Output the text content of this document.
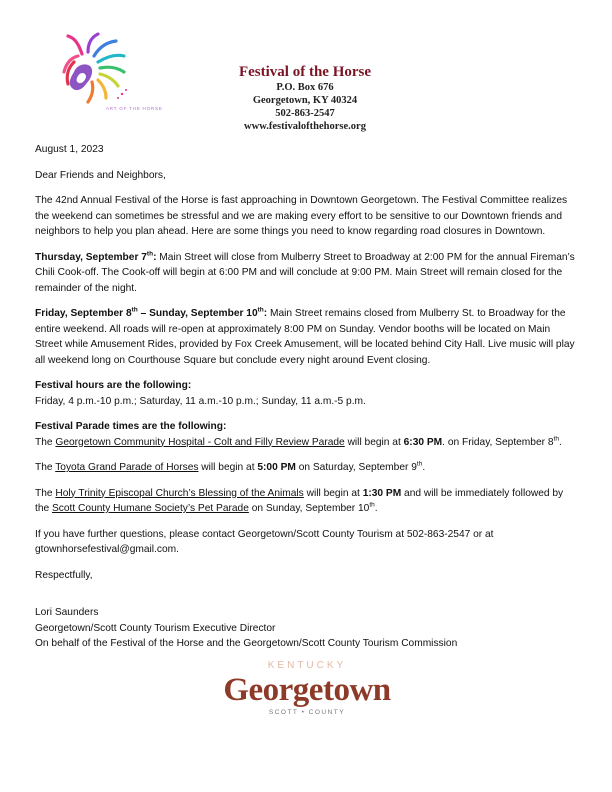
ART OF THE HORSE
Festival of the Horse
P.O. Box 676
Georgetown, KY 40324
502-863-2547
www.festivalofthehorse.org

August 1, 2023

Dear Friends and Neighbors,

The 42nd Annual Festival of the Horse is fast approaching in Downtown Georgetown. The Festival Committee realizes the weekend can sometimes be stressful and we are making every effort to be sensitive to our Downtown friends and neighbors to help you plan ahead. Here are some things you need to know regarding road closures in Downtown.

Thursday, September 7th: Main Street will close from Mulberry Street to Broadway at 2:00 PM for the annual Fireman’s Chili Cook-off. The Cook-off will begin at 6:00 PM and will conclude at 9:00 PM. Main Street will remain closed for the remainder of the night.

Friday, September 8th – Sunday, September 10th: Main Street remains closed from Mulberry St. to Broadway for the entire weekend. All roads will re-open at approximately 8:00 PM on Sunday. Vendor booths will be located on Main Street while Amusement Rides, provided by Fox Creek Amusement, will be located behind City Hall. Live music will play all weekend long on Courthouse Square but conclude every night around Event closing.

Festival hours are the following:

Friday, 4 p.m.-10 p.m.; Saturday, 11 a.m.-10 p.m.; Sunday, 11 a.m.-5 p.m.

Festival Parade times are the following:

The Georgetown Community Hospital - Colt and Filly Review Parade will begin at 6:30 PM. on Friday, September 8th.

The Toyota Grand Parade of Horses will begin at 5:00 PM on Saturday, September 9th.

The Holy Trinity Episcopal Church’s Blessing of the Animals will begin at 1:30 PM and will be immediately followed by the Scott County Humane Society’s Pet Parade on Sunday, September 10th.

If you have further questions, please contact Georgetown/Scott County Tourism at 502-863-2547 or at gtownhorsefestival@gmail.com.

Respectfully,

Lori Saunders
Georgetown/Scott County Tourism Executive Director
On behalf of the Festival of the Horse and the Georgetown/Scott County Tourism Commission
KENTUCKY
Georgetown
SCOTT • COUNTY
